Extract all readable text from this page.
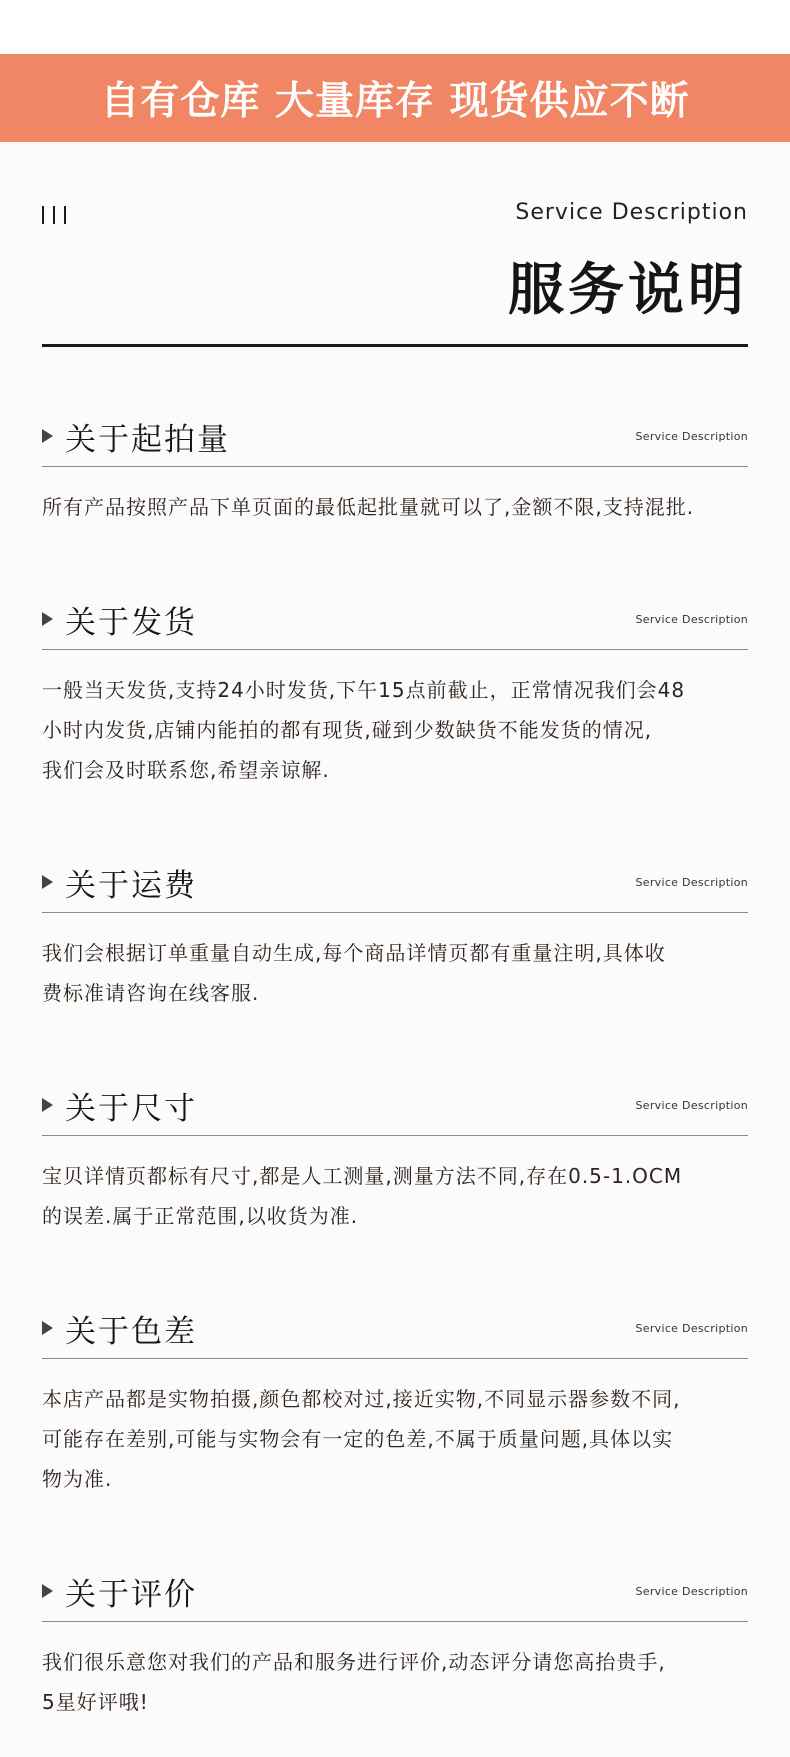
自有仓库 大量库存 现货供应不断
Service Description
服务说明
关于起拍量	Service Description
所有产品按照产品下单页面的最低起批量就可以了,金额不限,支持混批.
关于发货	Service Description
一般当天发货,支持24小时发货,下午15点前截止，正常情况我们会48
小时内发货,店铺内能拍的都有现货,碰到少数缺货不能发货的情况,
我们会及时联系您,希望亲谅解.
关于运费	Service Description
我们会根据订单重量自动生成,每个商品详情页都有重量注明,具体收
费标准请咨询在线客服.
关于尺寸	Service Description
宝贝详情页都标有尺寸,都是人工测量,测量方法不同,存在0.5-1.OCM
的误差.属于正常范围,以收货为准.
关于色差	Service Description
本店产品都是实物拍摄,颜色都校对过,接近实物,不同显示器参数不同,
可能存在差别,可能与实物会有一定的色差,不属于质量问题,具体以实
物为准.
关于评价	Service Description
我们很乐意您对我们的产品和服务进行评价,动态评分请您高抬贵手,
5星好评哦!
